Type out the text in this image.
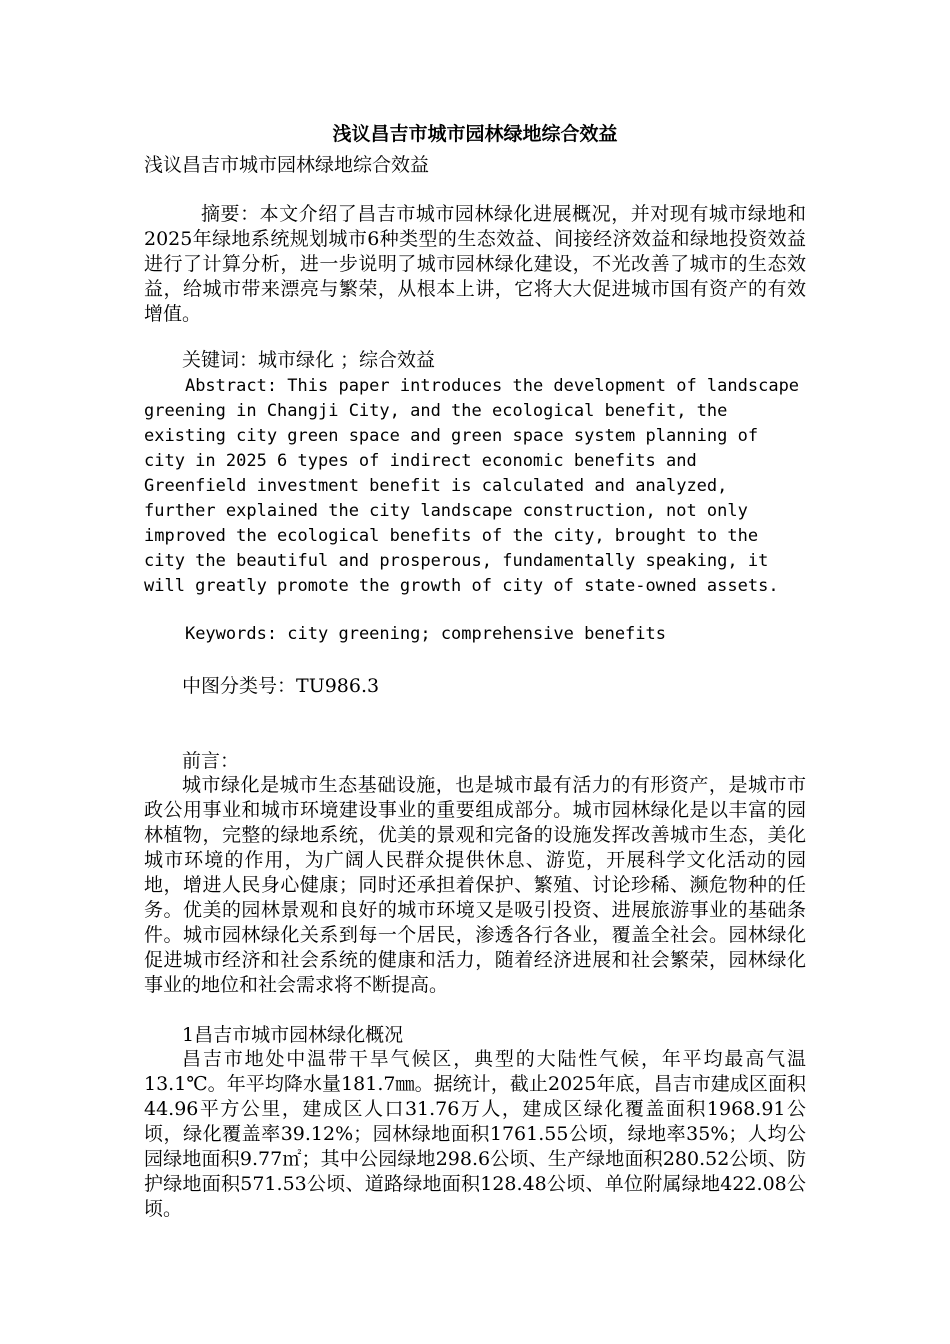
浅议昌吉市城市园林绿地综合效益

浅议昌吉市城市园林绿地综合效益

摘要：本文介绍了昌吉市城市园林绿化进展概况，并对现有城市绿地和2025年绿地系统规划城市6种类型的生态效益、间接经济效益和绿地投资效益进行了计算分析，进一步说明了城市园林绿化建设，不光改善了城市的生态效益，给城市带来漂亮与繁荣，从根本上讲，它将大大促进城市国有资产的有效增值。

关键词：城市绿化 ；综合效益

Abstract: This paper introduces the development of landscape greening in Changji City, and the ecological benefit, the existing city green space and green space system planning of city in 2025 6 types of indirect economic benefits and Greenfield investment benefit is calculated and analyzed, further explained the city landscape construction, not only improved the ecological benefits of the city, brought to the city the beautiful and prosperous, fundamentally speaking, it will greatly promote the growth of city of state-owned assets.

Keywords: city greening; comprehensive benefits

中图分类号：TU986.3

前言：

城市绿化是城市生态基础设施，也是城市最有活力的有形资产，是城市市政公用事业和城市环境建设事业的重要组成部分。城市园林绿化是以丰富的园林植物，完整的绿地系统，优美的景观和完备的设施发挥改善城市生态，美化城市环境的作用，为广阔人民群众提供休息、游览，开展科学文化活动的园地，增进人民身心健康；同时还承担着保护、繁殖、讨论珍稀、濒危物种的任务。优美的园林景观和良好的城市环境又是吸引投资、进展旅游事业的基础条件。城市园林绿化关系到每一个居民，渗透各行各业，覆盖全社会。园林绿化促进城市经济和社会系统的健康和活力，随着经济进展和社会繁荣，园林绿化事业的地位和社会需求将不断提高。

1昌吉市城市园林绿化概况

昌吉市地处中温带干旱气候区，典型的大陆性气候，年平均最高气温13.1℃。年平均降水量181.7㎜。据统计，截止2025年底，昌吉市建成区面积44.96平方公里，建成区人口31.76万人，建成区绿化覆盖面积1968.91公顷，绿化覆盖率39.12%；园林绿地面积1761.55公顷，绿地率35%；人均公园绿地面积9.77㎡；其中公园绿地298.6公顷、生产绿地面积280.52公顷、防护绿地面积571.53公顷、道路绿地面积128.48公顷、单位附属绿地422.08公顷。
